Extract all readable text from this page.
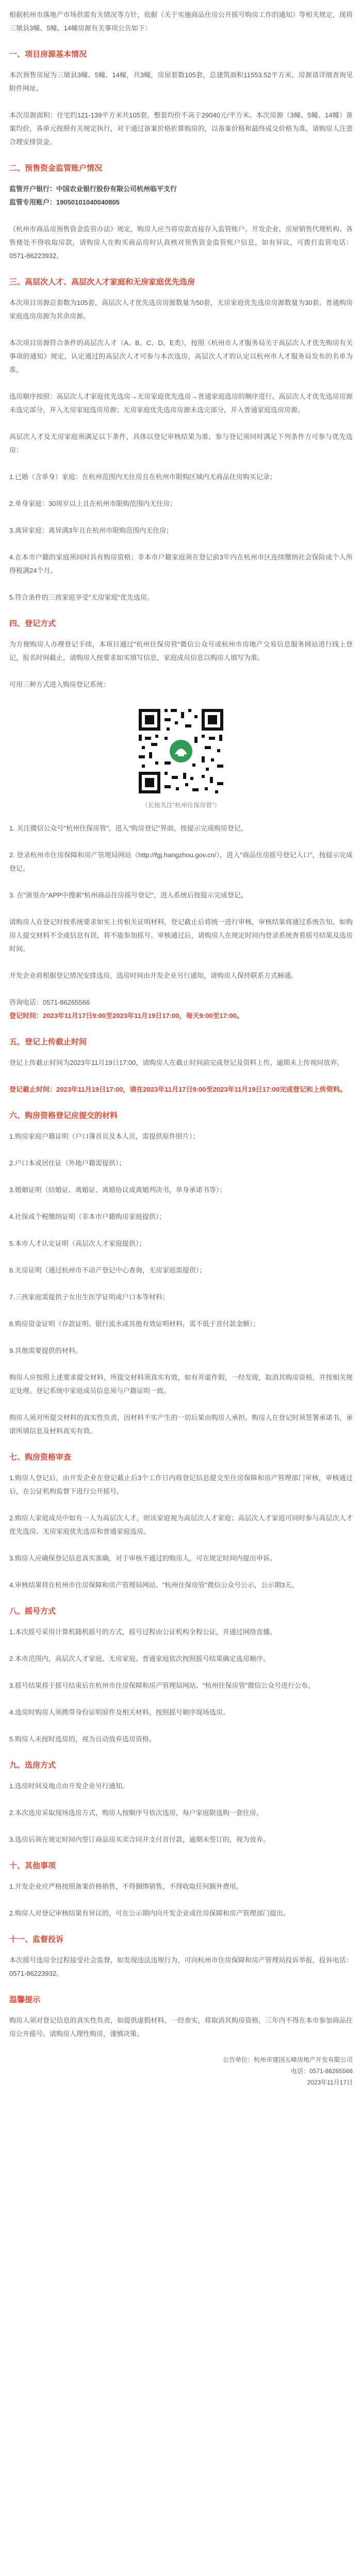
根据杭州市落地产市场供需有关情况等方针，依据《关于实施商品住房公开摇号购房工作的通知》等相关规定，现将三墩县3幢、5幢、14幢房源有关事项公告如下：

一、项目房源基本情况

本次预售房屋为三墩县3幢、5幢、14幢，共3幢，房屋套数105套，总建筑面积11553.52平方米，房源请详细查询见附件网址。

本次房源面积：住宅约121-139平方米共105套，整套均价不高于29040元/平方米。本次房源（3幢、5幢、14幢）备案均价，各单元按照有关规定执行，对于通过备案价格折算购房的，以备案价格和最终成交价格为准，请购房人注意合理安排资金。

二、预售资金监管账户情况

监管开户银行：中国农业银行股份有限公司杭州临平支行

监管专用账户：19050101040040805

《杭州市商品房预售资金监管办法》规定，购房人应当将房款直接存入监管账户。开发企业、房屋销售代理机构、各售楼处不得收取房款，请购房人在购买商品房时认真核对预售资金监管账户信息，如有异议，可拨打监管电话：0571-86223932。

三、高层次人才、高层次人才家庭和无房家庭优先选房

本次项目房源总套数为105套，高层次人才优先选房房源数量为50套，无房家庭优先选房房源数量为30套。普通购房家庭选房房源为其余房源。

本次项目房源符合条件的高层次人才（A、B、C、D、E类），按照《杭州市人才服务局关于高层次人才优先购房有关事项的通知》规定，认定通过的高层次人才可参与本次选房，高层次人才的认定以杭州市人才服务局发布的名单为准。

选房顺序按照：高层次人才家庭优先选房→无房家庭优先选房→普通家庭选房的顺序进行。高层次人才优先选房房源未选完部分，并入无房家庭选房房源；无房家庭优先选房房源未选完部分，并入普通家庭选房房源。

高层次人才及无房家庭须满足以下条件，具体以登记审核结果为准，参与登记须同时满足下列条件方可参与优先选房：

1.已婚（含单身）家庭：在杭州范围内无住房且在杭州市限购区域内无商品住房购买记录；

2.单身家庭：30周岁以上且在杭州市限购范围内无住房；

3.离异家庭：离异满3年且在杭州市限购范围内无住房；

4.在本市户籍的家庭须同时具有购房资格；非本市户籍家庭须在登记前3年内在杭州市区连续缴纳社会保险或个人所得税满24个月。

5.符合条件的三孩家庭享受"无房家庭"优先选房。

四、登记方式

为方便购房人办理登记手续，本项目通过"杭州住保房管"微信公众号或杭州市房地产交易信息服务网站进行线上登记，报名时间截止，请购房人按要求如实填写信息，家庭成员信息以购房人填写为准。

可用三种方式进入购房登记系统：

（长按关注"杭州住保房管"）

1. 关注微信公众号"杭州住保房管"，进入"购房登记"界面，按提示完成购房登记。

2. 登录杭州市住房保障和房产管理局网站（http://fgj.hangzhou.gov.cn/），进入"商品住房摇号登记入口"，按提示完成登记。

3. 在"浙里办"APP中搜索"杭州商品住房摇号登记"，进入系统后按提示完成登记。

请购房人在登记时按系统要求如实上传相关证明材料，登记截止后将统一进行审核，审核结果将通过系统告知。如购房人提交材料不全或信息有误，将不能参加摇号。审核通过后，请购房人在规定时间内登录系统查看摇号结果及选房时间。

开发企业将根据登记情况安排选房，选房时间由开发企业另行通知，请购房人保持联系方式畅通。

咨询电话：0571-86265566

登记时间：2023年11月17日9:00至2023年11月19日17:00，每天9:00至17:00。

五、登记上传截止时间

登记上传截止时间为2023年11月19日17:00，请购房人在截止时间前完成登记及资料上传，逾期未上传视同放弃。

登记截止时间：2023年11月19日17:00，请在2023年11月17日9:00至2023年11月19日17:00完成登记和上传资料。

六、购房资格登记应提交的材料

1.购房家庭户籍证明（户口簿首页及本人页，需提供原件照片）；

2.户口本或居住证（外地户籍需提供）；

3.婚姻证明（结婚证、离婚证、离婚协议或离婚判决书，单身承诺书等）；

4.社保或个税缴纳证明（非本市户籍购房家庭提供）；

5.本市人才认定证明（高层次人才家庭提供）；

6.无房证明（通过杭州市不动产登记中心查询，无房家庭需提供）；

7.三孩家庭需提供子女出生医学证明或户口本等材料；

8.购房资金证明（存款证明、银行流水或其他有效证明材料，需不低于首付款金额）；

9.其他需要提供的材料。

购房人应按照上述要求提交材料，所提交材料须真实有效，如有弄虚作假，一经发现，取消其购房资格，并按相关规定处理。登记系统中家庭成员信息须与户籍证明一致。

购房人须对所提交材料的真实性负责，因材料不实产生的一切后果由购房人承担。购房人在登记时须签署承诺书，承诺所填信息及材料真实有效。

七、购房资格审查

1.购房人登记后，由开发企业在登记截止后3个工作日内将登记信息提交至住房保障和房产管理部门审核，审核通过后，在公证机构监督下进行公开摇号。

2.购房人家庭成员中如有一人为高层次人才，则该家庭视为高层次人才家庭；高层次人才家庭可同时参与高层次人才优先选房、无房家庭优先选房和普通家庭选房。

3.购房人应确保登记信息真实准确，对于审核不通过的购房人，可在规定时间内提出申诉。

4.审核结果将在杭州市住房保障和房产管理局网站、"杭州住保房管"微信公众号公示，公示期3天。

八、摇号方式

1.本次摇号采用计算机随机摇号的方式，摇号过程由公证机构全程公证，并通过网络直播。

2.本市范围内，高层次人才家庭、无房家庭、普通家庭依次按照摇号结果确定选房顺序。

3.摇号结果将于摇号结束后在杭州市住房保障和房产管理局网站、"杭州住保房管"微信公众号进行公布。

4.选房时购房人须携带身份证明原件及相关材料，按照摇号顺序现场选房。

5.购房人未按时选房的，视为自动放弃选房资格。

九、选房方式

1.选房时间及地点由开发企业另行通知。

2.本次选房采取现场选房方式，购房人按顺序号依次选房，每户家庭限选购一套住房。

3.选房后须在规定时间内签订商品房买卖合同并支付首付款，逾期未签订的，视为放弃。

十、其他事项

1.开发企业应严格按照备案价格销售，不得捆绑销售，不得收取任何额外费用。

2.购房人对登记审核结果有异议的，可在公示期内向开发企业或住房保障和房产管理部门提出。

十一、监督投诉

本次摇号选房全过程接受社会监督，如发现违法违规行为，可向杭州市住房保障和房产管理局投诉举报，投诉电话：0571-86223932。

温馨提示

购房人须对登记信息的真实性负责，如提供虚假材料，一经查实，将取消其购房资格，三年内不得在本市参加商品住房公开摇号。请购房人理性购房，谨慎决策。

公告单位：杭州市建国五峰房地产开发有限公司
电话：0571-86265566
2023年11月17日
